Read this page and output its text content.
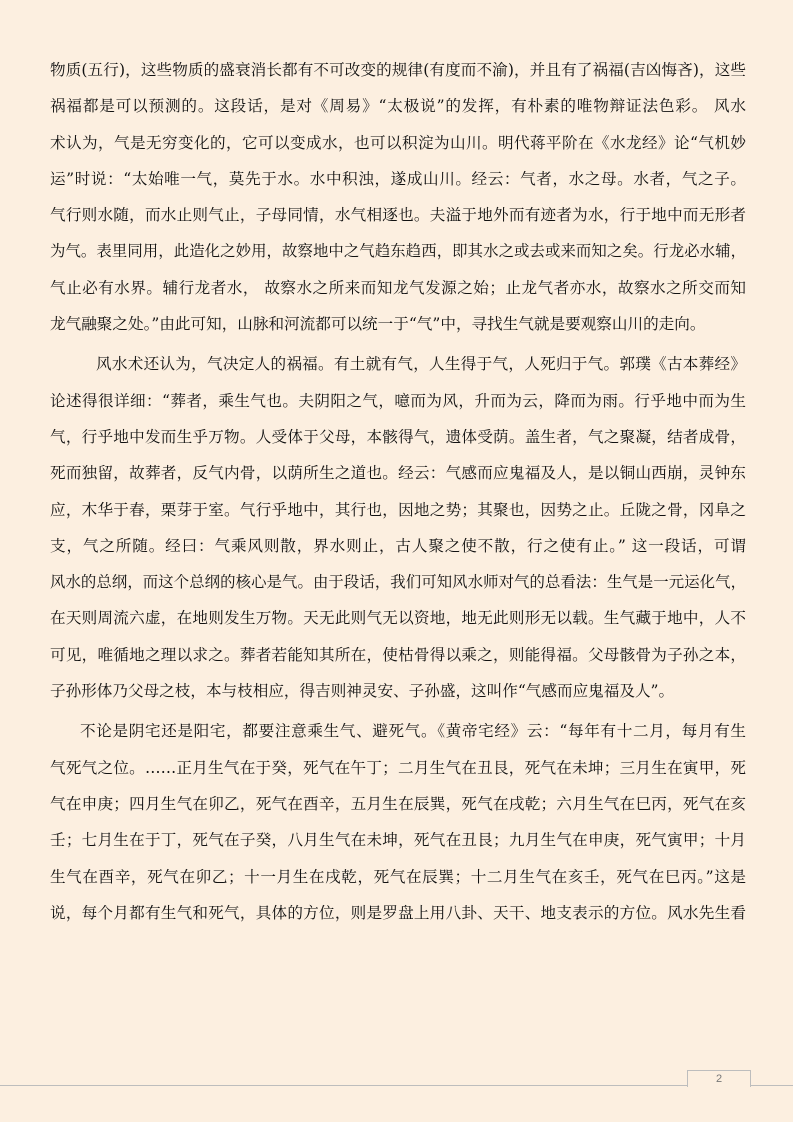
物质(五行)，这些物质的盛衰消长都有不可改变的规律(有度而不渝)，并且有了祸福(吉凶悔吝)，这些
祸福都是可以预测的。这段话，是对《周易》“太极说”的发挥，有朴素的唯物辩证法色彩。 风水
术认为，气是无穷变化的，它可以变成水，也可以积淀为山川。明代蒋平阶在《水龙经》论“气机妙
运”时说：“太始唯一气，莫先于水。水中积浊，遂成山川。经云：气者，水之母。水者，气之子。
气行则水随，而水止则气止，子母同情，水气相逐也。夫溢于地外而有迹者为水，行于地中而无形者
为气。表里同用，此造化之妙用，故察地中之气趋东趋西，即其水之或去或来而知之矣。行龙必水辅，
气止必有水界。辅行龙者水， 故察水之所来而知龙气发源之始；止龙气者亦水，故察水之所交而知
龙气融聚之处。”由此可知，山脉和河流都可以统一于“气”中，寻找生气就是要观察山川的走向。
风水术还认为，气决定人的祸福。有土就有气，人生得于气，人死归于气。郭璞《古本葬经》
论述得很详细：“葬者，乘生气也。夫阴阳之气，噫而为风，升而为云，降而为雨。行乎地中而为生
气，行乎地中发而生乎万物。人受体于父母，本骸得气，遗体受荫。盖生者，气之聚凝，结者成骨，
死而独留，故葬者，反气内骨，以荫所生之道也。经云：气感而应鬼福及人，是以铜山西崩，灵钟东
应，木华于春，栗芽于室。气行乎地中，其行也，因地之势；其聚也，因势之止。丘陇之骨，冈阜之
支，气之所随。经曰：气乘风则散，界水则止，古人聚之使不散，行之使有止。” 这一段话，可谓
风水的总纲，而这个总纲的核心是气。由于段话，我们可知风水师对气的总看法：生气是一元运化气，
在天则周流六虚，在地则发生万物。天无此则气无以资地，地无此则形无以载。生气藏于地中，人不
可见，唯循地之理以求之。葬者若能知其所在，使枯骨得以乘之，则能得福。父母骸骨为子孙之本，
子孙形体乃父母之枝，本与枝相应，得吉则神灵安、子孙盛，这叫作“气感而应鬼福及人”。
不论是阴宅还是阳宅，都要注意乘生气、避死气。《黄帝宅经》云：“每年有十二月，每月有生
气死气之位。……正月生气在于癸，死气在午丁；二月生气在丑艮，死气在未坤；三月生在寅甲，死
气在申庚；四月生气在卯乙，死气在酉辛，五月生在辰巽，死气在戌乾；六月生气在巳丙，死气在亥
壬；七月生在于丁，死气在子癸，八月生气在未坤，死气在丑艮；九月生气在申庚，死气寅甲；十月
生气在酉辛，死气在卯乙；十一月生在戌乾，死气在辰巽；十二月生气在亥壬，死气在巳丙。”这是
说，每个月都有生气和死气，具体的方位，则是罗盘上用八卦、天干、地支表示的方位。风水先生看
2
